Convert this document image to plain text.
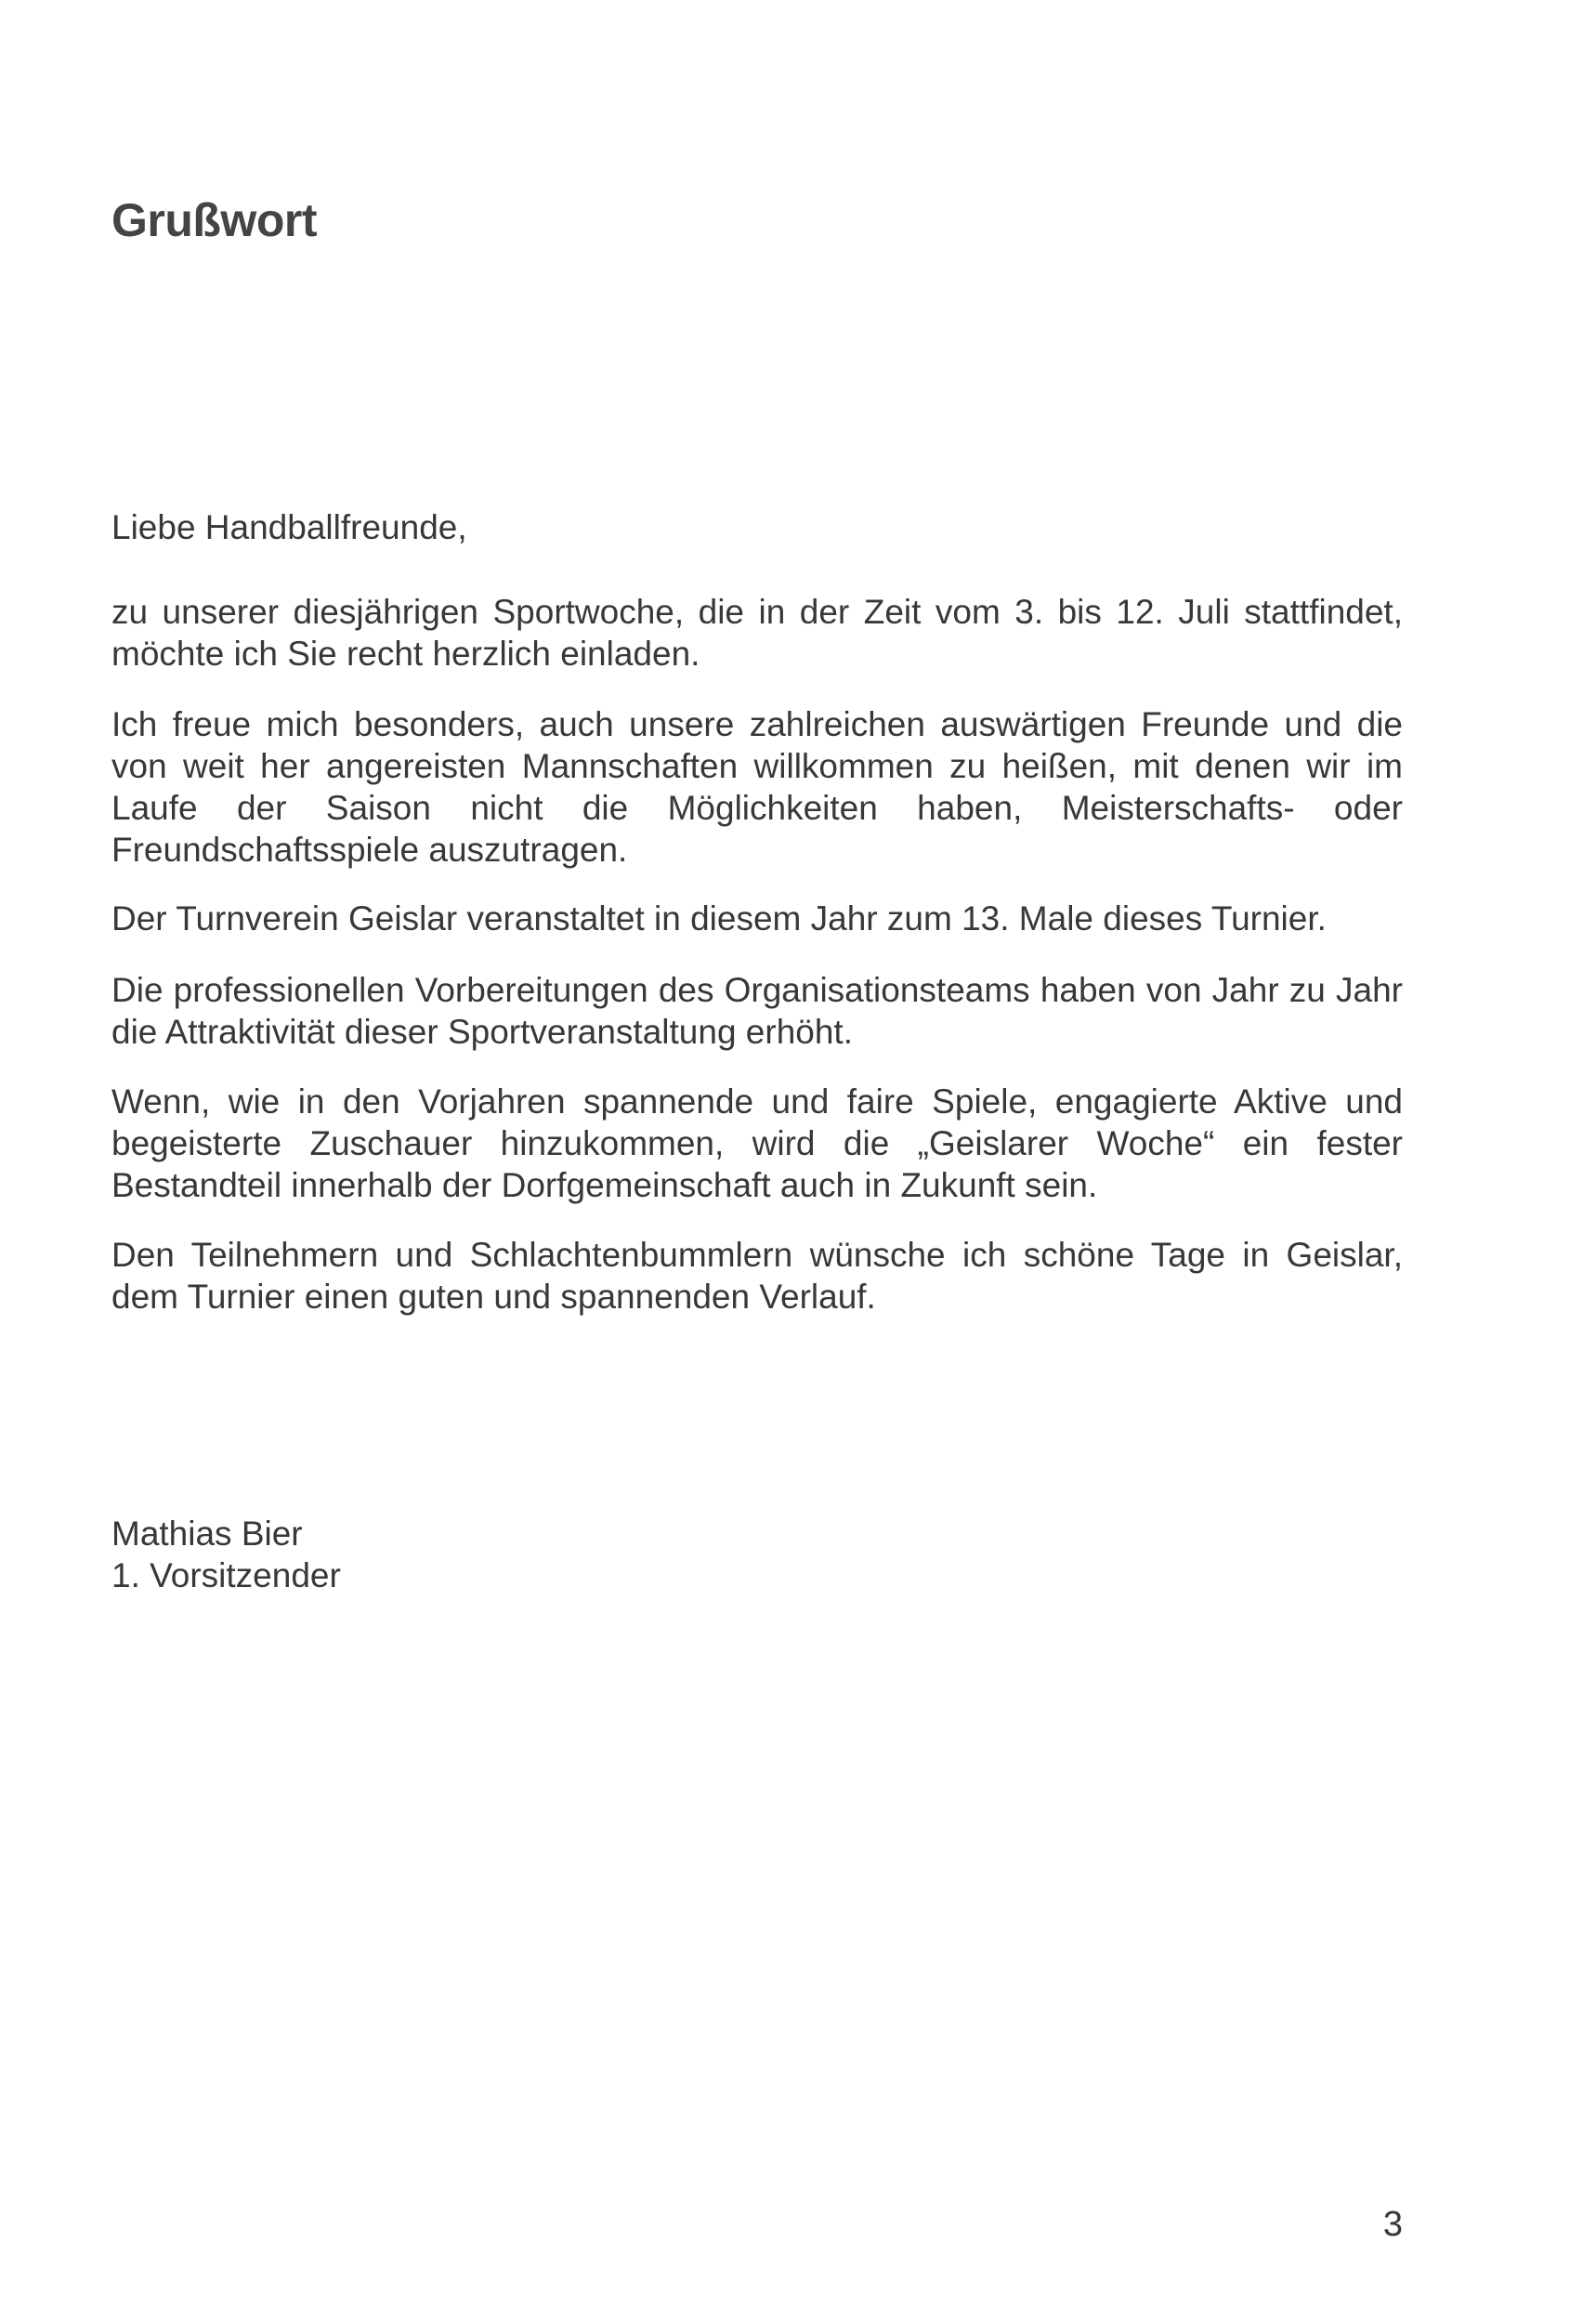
Grußwort

Liebe Handballfreunde,

zu unserer diesjährigen Sportwoche, die in der Zeit vom 3. bis 12. Juli stattfindet, möchte ich Sie recht herzlich einladen.

Ich freue mich besonders, auch unsere zahlreichen auswärtigen Freunde und die von weit her angereisten Mannschaften willkommen zu heißen, mit denen wir im Laufe der Saison nicht die Möglichkeiten haben, Meisterschafts- oder Freundschaftsspiele auszutragen.

Der Turnverein Geislar veranstaltet in diesem Jahr zum 13. Male dieses Turnier.

Die professionellen Vorbereitungen des Organisationsteams haben von Jahr zu Jahr die Attraktivität dieser Sportveranstaltung erhöht.

Wenn, wie in den Vorjahren spannende und faire Spiele, engagierte Aktive und begeisterte Zuschauer hinzukommen, wird die „Geislarer Woche“ ein fester Bestandteil innerhalb der Dorfgemeinschaft auch in Zukunft sein.

Den Teilnehmern und Schlachtenbummlern wünsche ich schöne Tage in Geislar, dem Turnier einen guten und spannenden Verlauf.

Mathias Bier

1. Vorsitzender

3
